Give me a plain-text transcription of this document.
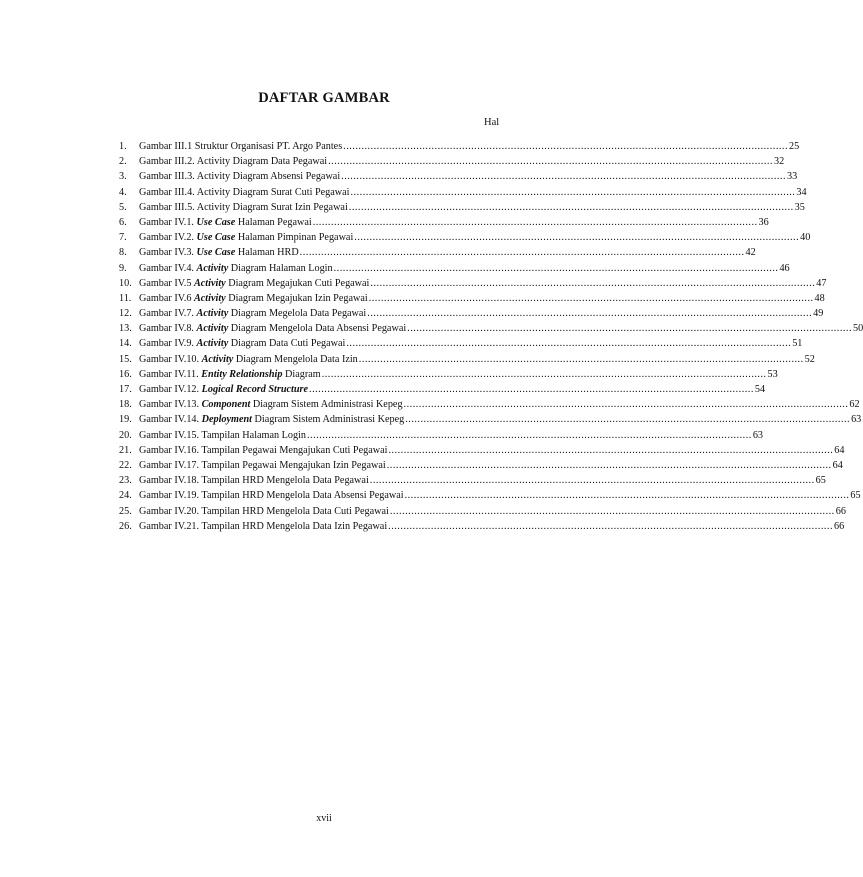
DAFTAR GAMBAR
Hal
1.	Gambar III.1 Struktur Organisasi PT. Argo Pantes .....	25
2.	Gambar III.2. Activity Diagram Data Pegawai .....	32
3.	Gambar III.3. Activity Diagram Absensi Pegawai .....	33
4.	Gambar III.4. Activity Diagram Surat Cuti Pegawai .....	34
5.	Gambar III.5. Activity Diagram Surat Izin Pegawai .....	35
6.	Gambar IV.1. Use Case Halaman Pegawai .....	36
7.	Gambar IV.2. Use Case Halaman Pimpinan Pegawai .....	40
8.	Gambar IV.3. Use Case Halaman HRD .....	42
9.	Gambar IV.4. Activity Diagram Halaman Login .....	46
10. Gambar IV.5 Activity Diagram Megajukan Cuti Pegawai .....	47
11. Gambar IV.6 Activity Diagram Megajukan Izin Pegawai .....	48
12. Gambar IV.7. Activity Diagram Megelola Data Pegawai .....	49
13. Gambar IV.8. Activity Diagram Mengelola Data Absensi Pegawai .....	50
14. Gambar IV.9. Activity Diagram Data Cuti Pegawai .....	51
15. Gambar IV.10. Activity Diagram Mengelola Data Izin .....	52
16. Gambar IV.11. Entity Relationship Diagram .....	53
17. Gambar IV.12. Logical Record Structure .....	54
18. Gambar IV.13. Component Diagram Sistem Administrasi Kepeg .....	62
19. Gambar IV.14. Deployment Diagram Sistem Administrasi Kepeg .....	63
20. Gambar IV.15. Tampilan Halaman Login .....	63
21. Gambar IV.16. Tampilan Pegawai Mengajukan Cuti Pegawai .....	64
22. Gambar IV.17. Tampilan Pegawai Mengajukan Izin Pegawai .....	64
23. Gambar IV.18. Tampilan HRD Mengelola Data Pegawai .....	65
24. Gambar IV.19. Tampilan HRD Mengelola Data Absensi Pegawai .....	65
25. Gambar IV.20. Tampilan HRD Mengelola Data Cuti Pegawai .....	66
26. Gambar IV.21. Tampilan HRD Mengelola Data Izin Pegawai .....	66
xvii
